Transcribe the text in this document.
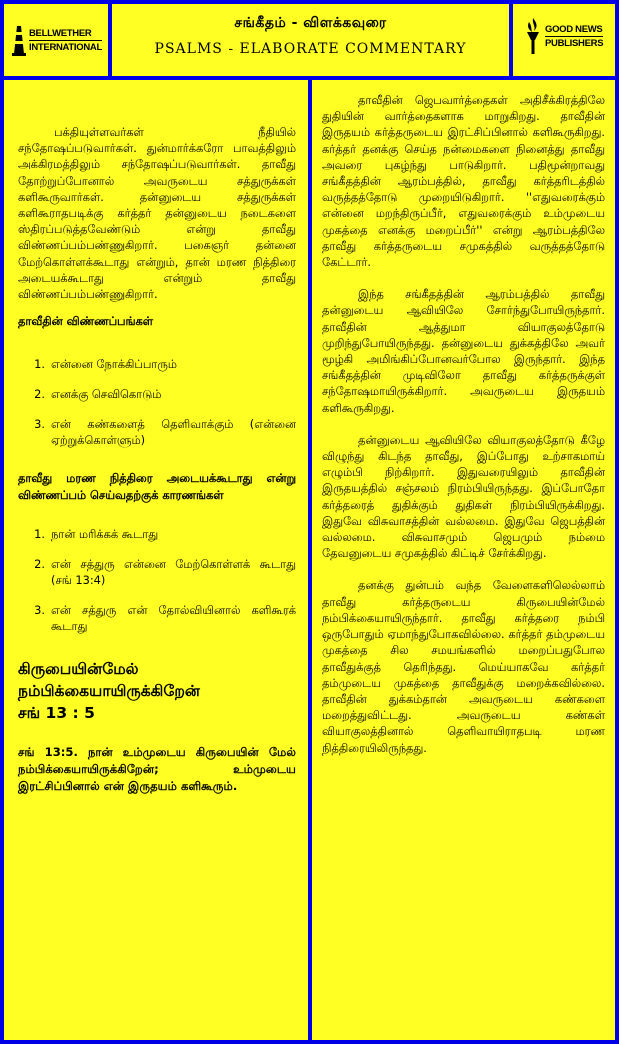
BELLWETHER
INTERNATIONAL
சங்கீதம் - விளக்கவுரை
PSALMS - ELABORATE COMMENTARY
GOOD NEWS
PUBLISHERS

பக்தியுள்ளவர்கள் நீதியில் சந்தோஷப்படுவார்கள். துன்மார்க்கரோ பாவத்திலும் அக்கிரமத்திலும் சந்தோஷப்படுவார்கள். தாவீது தோற்றுப்போனால் அவருடைய சத்துருக்கள் களிகூருவார்கள். தன்னுடைய சத்துருக்கள் களிகூராதபடிக்கு கர்த்தர் தன்னுடைய நடைகளை ஸ்திரப்படுத்தவேண்டும் என்று தாவீது விண்ணப்பம்பண்ணுகிறார். பகைஞர் தன்னை மேற்கொள்ளக்கூடாது என்றும், தான் மரண நித்திரை அடையக்கூடாது என்றும் தாவீது விண்ணப்பம்பண்ணுகிறார்.

தாவீதின் விண்ணப்பங்கள்

1. என்னை நோக்கிப்பாரும்
2. எனக்கு செவிகொடும்
3. என் கண்களைத் தெளிவாக்கும் (என்னை ஏற்றுக்கொள்ளும்)

தாவீது மரண நித்திரை அடையக்கூடாது என்று விண்ணப்பம் செய்வதற்குக் காரணங்கள்

1. நான் மரிக்கக் கூடாது
2. என் சத்துரு என்னை மேற்கொள்ளக் கூடாது (சங் 13:4)
3. என் சத்துரு என் தோல்வியினால் களிகூரக் கூடாது
கிருபையின்மேல்
நம்பிக்கையாயிருக்கிறேன்
சங் 13 : 5

சங் 13:5. நான் உம்முடைய கிருபையின் மேல் நம்பிக்கையாயிருக்கிறேன்; உம்முடைய இரட்சிப்பினால் என் இருதயம் களிகூரும்.

தாவீதின் ஜெபவார்த்தைகள் அதிசீக்கிரத்திலே துதியின் வார்த்தைகளாக மாறுகிறது. தாவீதின் இருதயம் கர்த்தருடைய இரட்சிப்பினால் களிகூருகிறது. கர்த்தர் தனக்கு செய்த நன்மைகளை நினைத்து தாவீது அவரை புகழ்ந்து பாடுகிறார். பதிமூன்றாவது சங்கீதத்தின் ஆரம்பத்தில், தாவீது கர்த்தரிடத்தில் வருத்தத்தோடு முறையிடுகிறார். ''எதுவரைக்கும் என்னை மறந்திருப்பீர், எதுவரைக்கும் உம்முடைய முகத்தை எனக்கு மறைப்பீர்'' என்று ஆரம்பத்திலே தாவீது கர்த்தருடைய சமுகத்தில் வருத்தத்தோடு கேட்டார்.

இந்த சங்கீதத்தின் ஆரம்பத்தில் தாவீது தன்னுடைய ஆவியிலே சோர்ந்துபோயிருந்தார். தாவீதின் ஆத்துமா வியாகுலத்தோடு முறிந்துபோயிருந்தது. தன்னுடைய துக்கத்திலே அவர் மூழ்கி அமிங்கிப்போனவர்போல இருந்தார். இந்த சங்கீதத்தின் முடிவிலோ தாவீது கர்த்தருக்குள் சந்தோஷமாயிருக்கிறார். அவருடைய இருதயம் களிகூருகிறது.

தன்னுடைய ஆவியிலே வியாகுலத்தோடு கீழே விழுந்து கிடந்த தாவீது, இப்போது உற்சாகமாய் எழும்பி நிற்கிறார். இதுவரையிலும் தாவீதின் இருதயத்தில் சஞ்சலம் நிரம்பியிருந்தது. இப்போதோ கர்த்தரைத் துதிக்கும் துதிகள் நிரம்பியிருக்கிறது. இதுவே விசுவாசத்தின் வல்லமை. இதுவே ஜெபத்தின் வல்லமை. விசுவாசமும் ஜெபமும் நம்மை தேவனுடைய சமுகத்தில் கிட்டிச் சேர்க்கிறது.

தனக்கு துன்பம் வந்த வேளைகளிலெல்லாம் தாவீது கர்த்தருடைய கிருபையின்மேல் நம்பிக்கையாயிருந்தார். தாவீது கர்த்தரை நம்பி ஒருபோதும் ஏமாந்துபோகவில்லை. கர்த்தர் தம்முடைய முகத்தை சில சமயங்களில் மறைப்பதுபோல தாவீதுக்குத் தெரிந்தது. மெய்யாகவே கர்த்தர் தம்முடைய முகத்தை தாவீதுக்கு மறைக்கவில்லை. தாவீதின் துக்கம்தான் அவருடைய கண்களை மறைத்துவிட்டது. அவருடைய கண்கள் வியாகுலத்தினால் தெளிவாயிராதபடி மரண நித்திரையிலிருந்தது.
